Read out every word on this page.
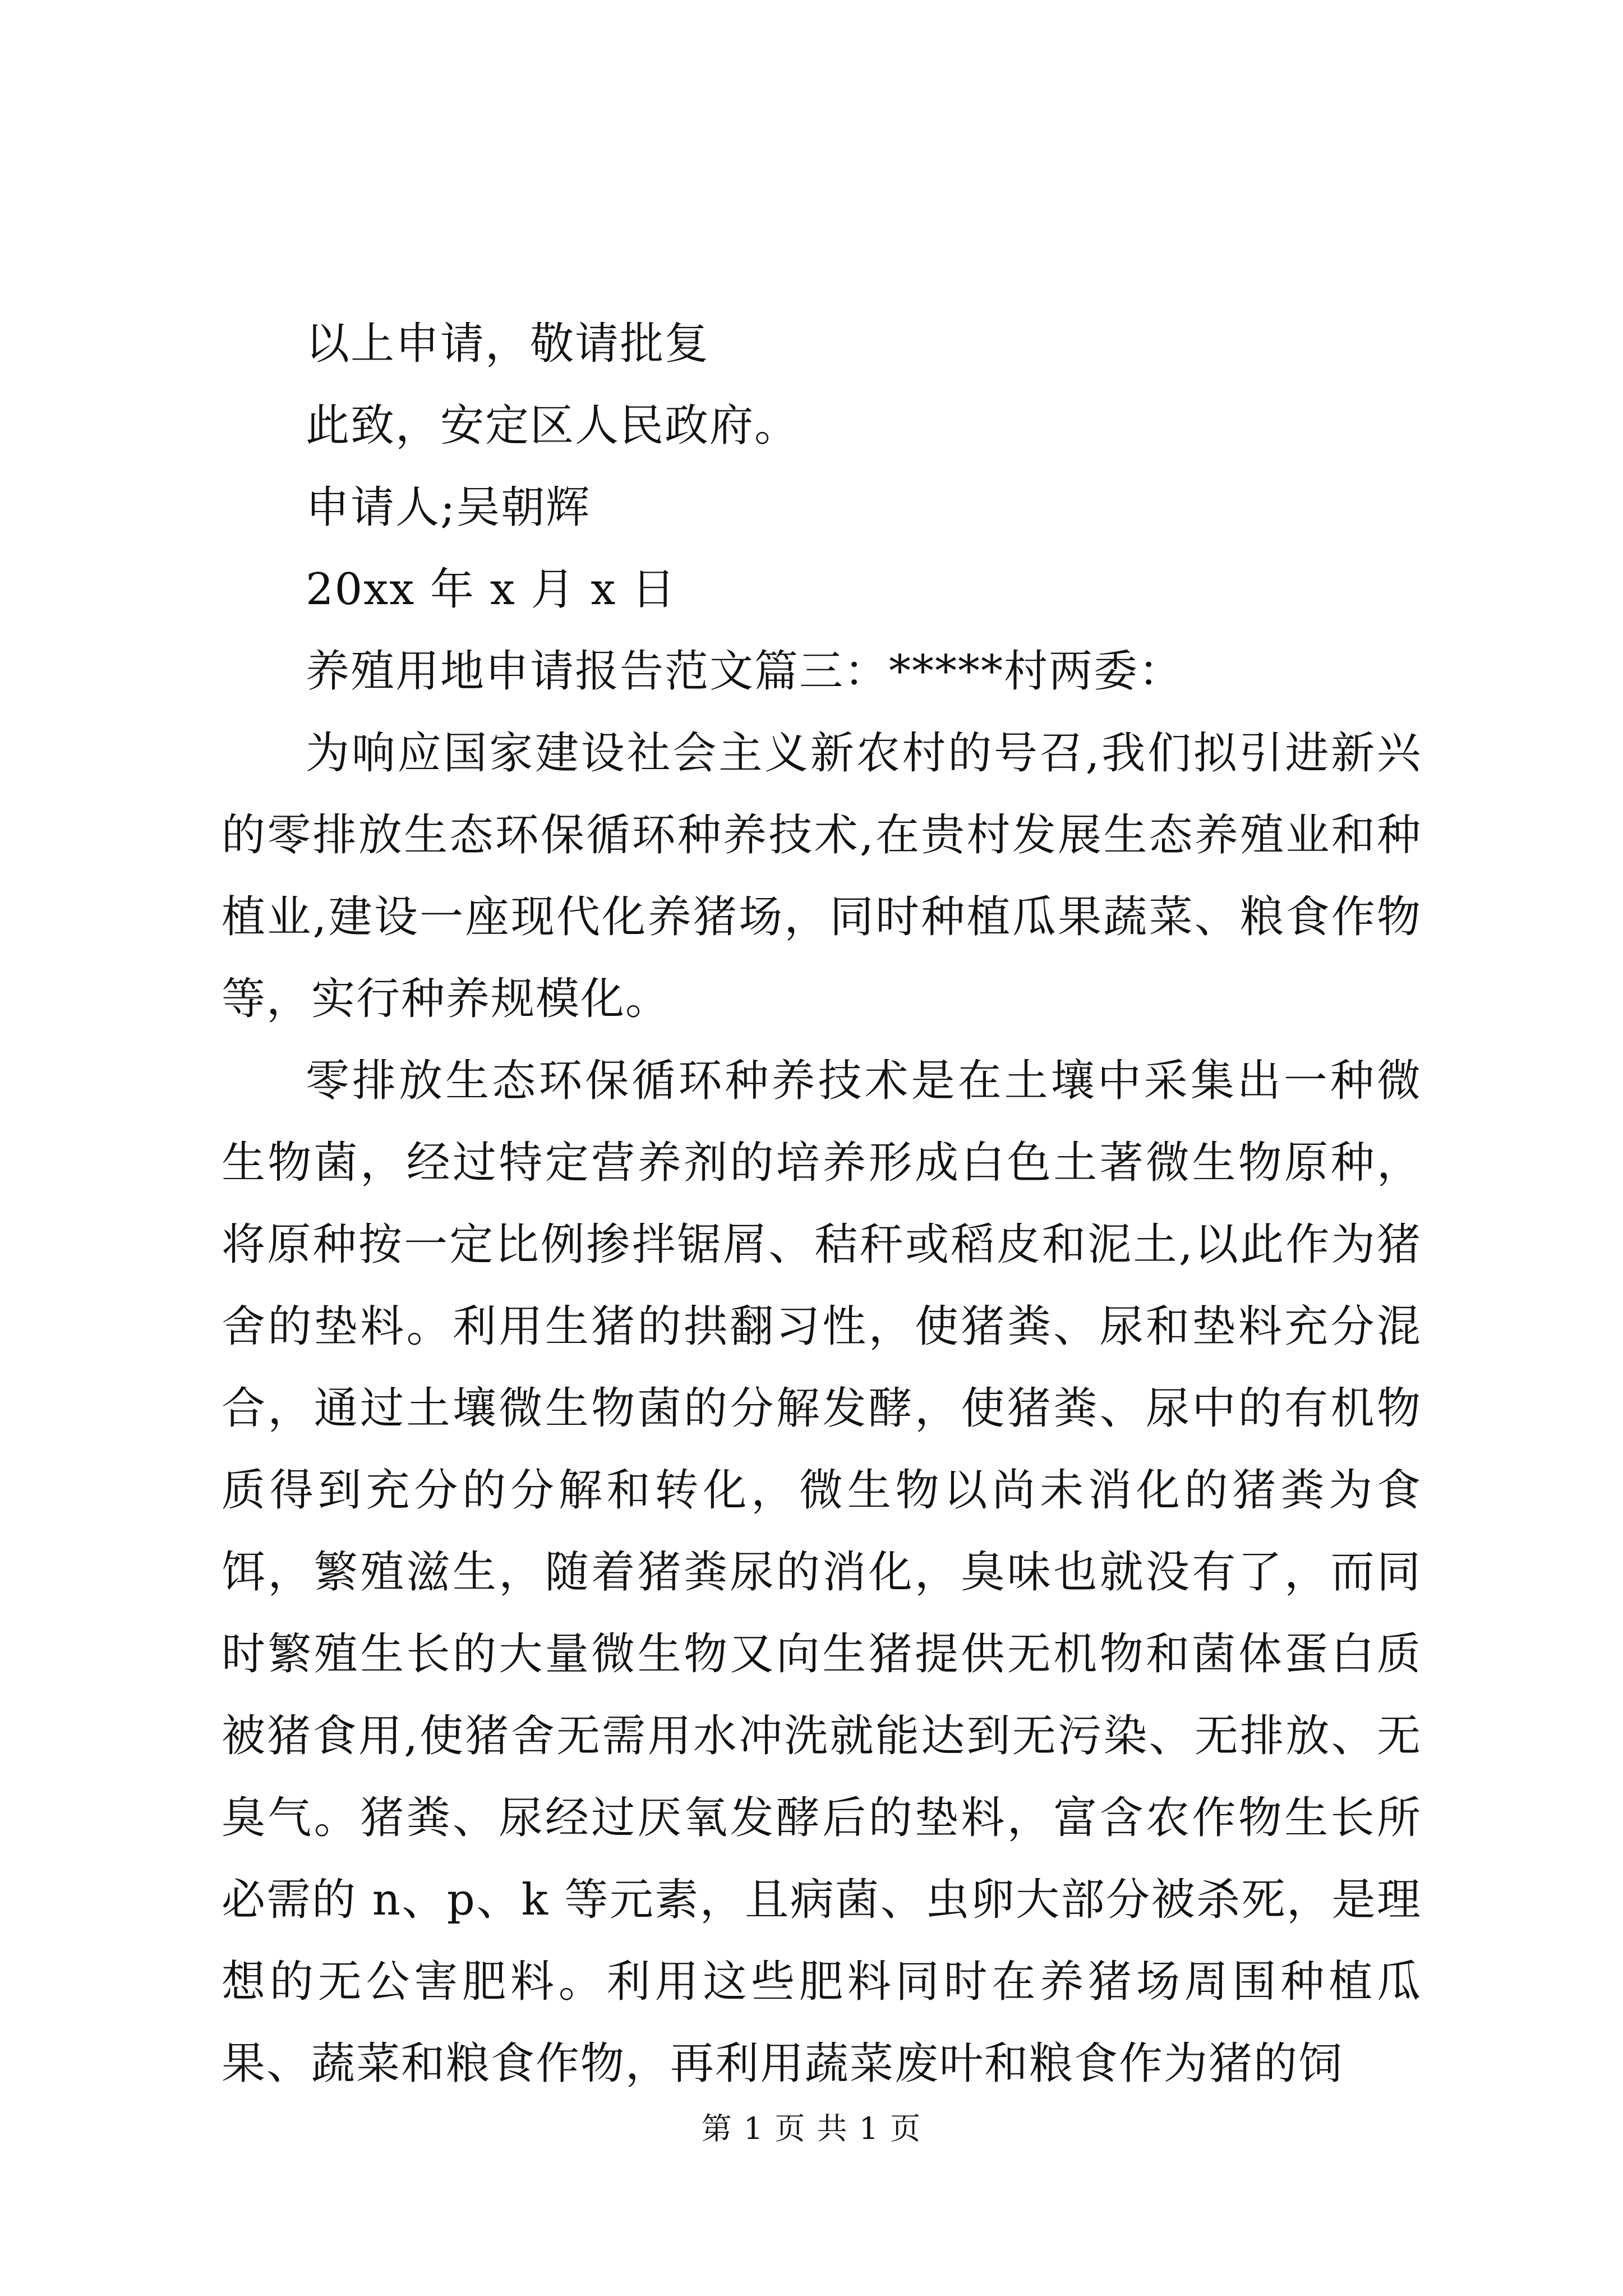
以上申请，敬请批复

此致，安定区人民政府。

申请人;吴朝辉

20xx 年 x 月 x 日

养殖用地申请报告范文篇三：*****村两委：

为响应国家建设社会主义新农村的号召,我们拟引进新兴的零排放生态环保循环种养技术,在贵村发展生态养殖业和种植业,建设一座现代化养猪场，同时种植瓜果蔬菜、粮食作物等，实行种养规模化。

零排放生态环保循环种养技术是在土壤中采集出一种微生物菌，经过特定营养剂的培养形成白色土著微生物原种，将原种按一定比例掺拌锯屑、秸秆或稻皮和泥土,以此作为猪舍的垫料。利用生猪的拱翻习性，使猪粪、尿和垫料充分混合，通过土壤微生物菌的分解发酵，使猪粪、尿中的有机物质得到充分的分解和转化，微生物以尚未消化的猪粪为食饵，繁殖滋生，随着猪粪尿的消化，臭味也就没有了，而同时繁殖生长的大量微生物又向生猪提供无机物和菌体蛋白质被猪食用,使猪舍无需用水冲洗就能达到无污染、无排放、无臭气。猪粪、尿经过厌氧发酵后的垫料，富含农作物生长所必需的 n、p、k 等元素，且病菌、虫卵大部分被杀死，是理想的无公害肥料。利用这些肥料同时在养猪场周围种植瓜果、蔬菜和粮食作物，再利用蔬菜废叶和粮食作为猪的饲

第 1 页 共 1 页
